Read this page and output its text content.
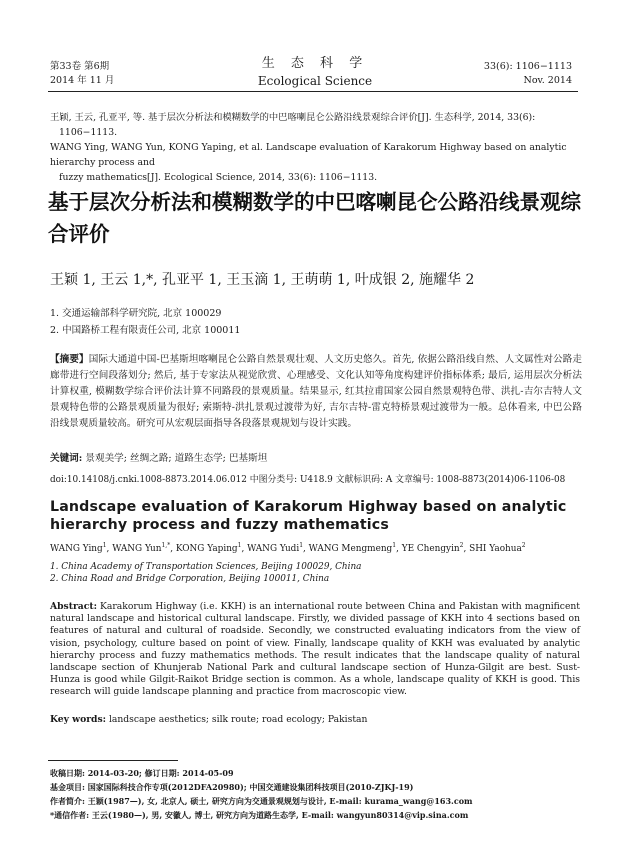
第33卷 第6期
2014 年 11 月
生 态 科 学
Ecological Science
33(6): 1106−1113
Nov. 2014
王颖, 王云, 孔亚平, 等. 基于层次分析法和模糊数学的中巴喀喇昆仑公路沿线景观综合评价[J]. 生态科学, 2014, 33(6):
1106−1113.
WANG Ying, WANG Yun, KONG Yaping, et al. Landscape evaluation of Karakorum Highway based on analytic hierarchy process and
fuzzy mathematics[J]. Ecological Science, 2014, 33(6): 1106−1113.
基于层次分析法和模糊数学的中巴喀喇昆仑公路沿线景观综合评价
王颖 1, 王云 1,*, 孔亚平 1, 王玉滴 1, 王萌萌 1, 叶成银 2, 施耀华 2
1. 交通运输部科学研究院, 北京 100029
2. 中国路桥工程有限责任公司, 北京 100011
【摘要】国际大通道中国-巴基斯坦喀喇昆仑公路自然景观壮观、人文历史悠久。首先, 依据公路沿线自然、人文属性对公路走廊带进行空间段落划分; 然后, 基于专家法从视觉欣赏、心理感受、文化认知等角度构建评价指标体系; 最后, 运用层次分析法计算权重, 模糊数学综合评价法计算不同路段的景观质量。结果显示, 红其拉甫国家公园自然景观特色带、洪扎-吉尔吉特人文景观特色带的公路景观质量为很好; 索斯特-洪扎景观过渡带为好, 吉尔吉特-雷克特桥景观过渡带为一般。总体看来, 中巴公路沿线景观质量较高。研究可从宏观层面指导各段落景观规划与设计实践。
关键词: 景观美学; 丝绸之路; 道路生态学; 巴基斯坦
doi:10.14108/j.cnki.1008-8873.2014.06.012 中图分类号: U418.9 文献标识码: A 文章编号: 1008-8873(2014)06-1106-08
Landscape evaluation of Karakorum Highway based on analytic hierarchy process and fuzzy mathematics
WANG Ying$^1$, WANG Yun$^{1,*}$, KONG Yaping$^1$, WANG Yudi$^1$, WANG Mengmeng$^1$, YE Chengyin$^2$, SHI Yaohua$^2$
1. China Academy of Transportation Sciences, Beijing 100029, China
2. China Road and Bridge Corporation, Beijing 100011, China
Abstract: Karakorum Highway (i.e. KKH) is an international route between China and Pakistan with magnificent natural landscape and historical cultural landscape. Firstly, we divided passage of KKH into 4 sections based on features of natural and cultural of roadside. Secondly, we constructed evaluating indicators from the view of vision, psychology, culture based on point of view. Finally, landscape quality of KKH was evaluated by analytic hierarchy process and fuzzy mathematics methods. The result indicates that the landscape quality of natural landscape section of Khunjerab National Park and cultural landscape section of Hunza-Gilgit are best. Sust-Hunza is good while Gilgit-Raikot Bridge section is common. As a whole, landscape quality of KKH is good. This research will guide landscape planning and practice from macroscopic view.
Key words: landscape aesthetics; silk route; road ecology; Pakistan
收稿日期: 2014-03-20; 修订日期: 2014-05-09
基金项目: 国家国际科技合作专项(2012DFA20980); 中国交通建设集团科技项目(2010-ZJKJ-19)
作者简介: 王颖(1987—), 女, 北京人, 硕士, 研究方向为交通景观规划与设计, E-mail: kurama_wang@163.com
*通信作者: 王云(1980—), 男, 安徽人, 博士, 研究方向为道路生态学, E-mail: wangyun80314@vip.sina.com
